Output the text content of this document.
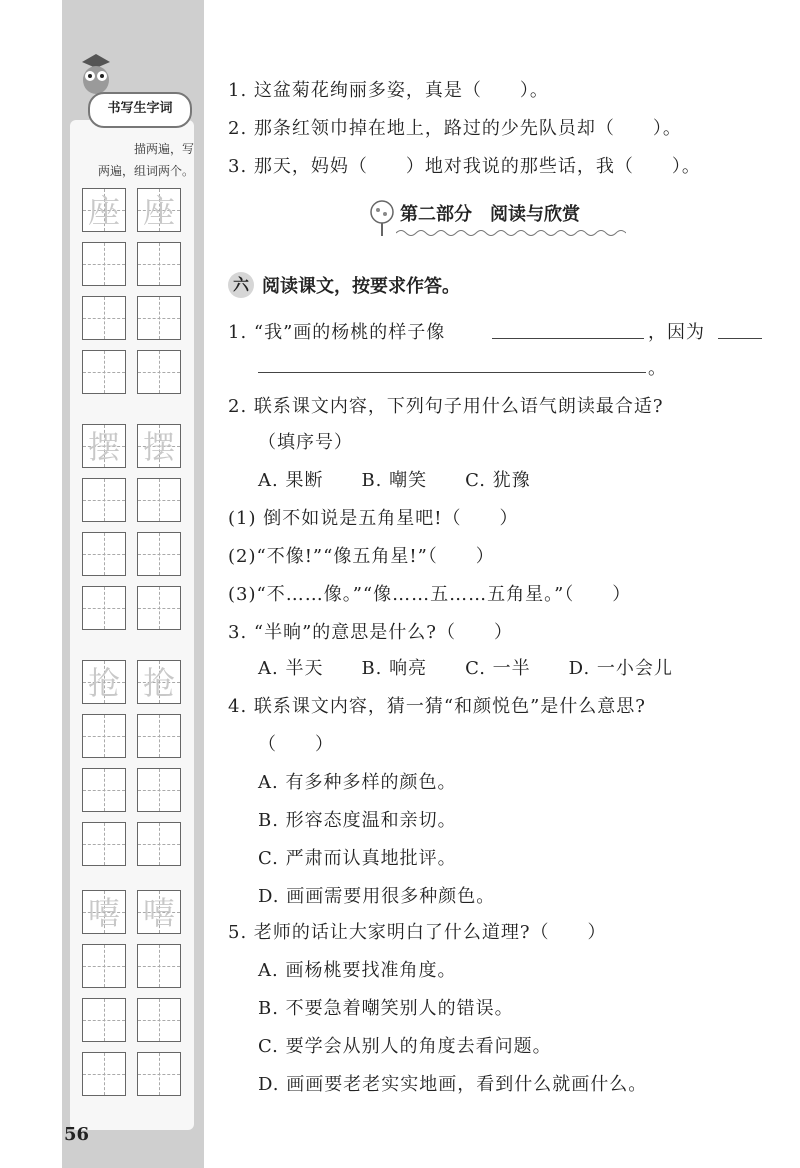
书写生字词
描两遍，写
两遍，组词两个。
座 座
摆 摆
抢 抢
嘻 嘻
56
1. 这盆菊花绚丽多姿，真是（　　）。
2. 那条红领巾掉在地上，路过的少先队员却（　　）。
3. 那天，妈妈（　　）地对我说的那些话，我（　　）。
第二部分　阅读与欣赏
六 阅读课文，按要求作答。
1. “我”画的杨桃的样子像	，因为
。
2. 联系课文内容，下列句子用什么语气朗读最合适?
（填序号）
A. 果断　　B. 嘲笑　　C. 犹豫
(1) 倒不如说是五角星吧!（　　）
(2)“不像!”“像五角星!”（　　）
(3)“不……像。”“像……五……五角星。”（　　）
3. “半晌”的意思是什么?（　　）
A. 半天　　B. 响亮　　C. 一半　　D. 一小会儿
4. 联系课文内容，猜一猜“和颜悦色”是什么意思?
（　　）
A. 有多种多样的颜色。
B. 形容态度温和亲切。
C. 严肃而认真地批评。
D. 画画需要用很多种颜色。
5. 老师的话让大家明白了什么道理?（　　）
A. 画杨桃要找准角度。
B. 不要急着嘲笑别人的错误。
C. 要学会从别人的角度去看问题。
D. 画画要老老实实地画，看到什么就画什么。
